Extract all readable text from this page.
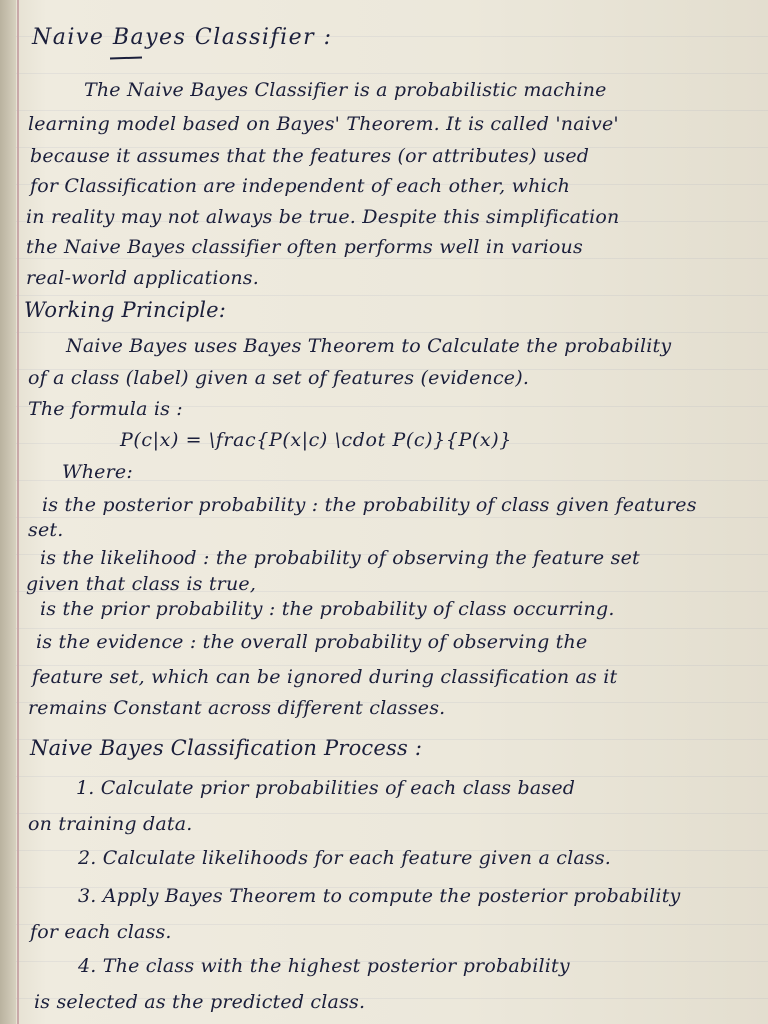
Naive Bayes Classifier :
The Naive Bayes Classifier is a probabilistic machine
learning model based on Bayes' Theorem. It is called 'naive'
because it assumes that the features (or attributes) used
for Classification are independent of each other, which
in reality may not always be true. Despite this simplification
the Naive Bayes classifier often performs well in various
real-world applications.
Working Principle:
Naive Bayes uses Bayes Theorem to Calculate the probability
of a class (label) given a set of features (evidence).
The formula is :
P(c|x) = \frac{P(x|c) \cdot P(c)}{P(x)}
Where:
is the posterior probability : the probability of class given features
set.
is the likelihood : the probability of observing the feature set
given that class is true,
is the prior probability : the probability of class occurring.
is the evidence : the overall probability of observing the
feature set, which can be ignored during classification as it
remains Constant across different classes.
Naive Bayes Classification Process :
1. Calculate prior probabilities of each class based
on training data.
2. Calculate likelihoods for each feature given a class.
3. Apply Bayes Theorem to compute the posterior probability
for each class.
4. The class with the highest posterior probability
is selected as the predicted class.
